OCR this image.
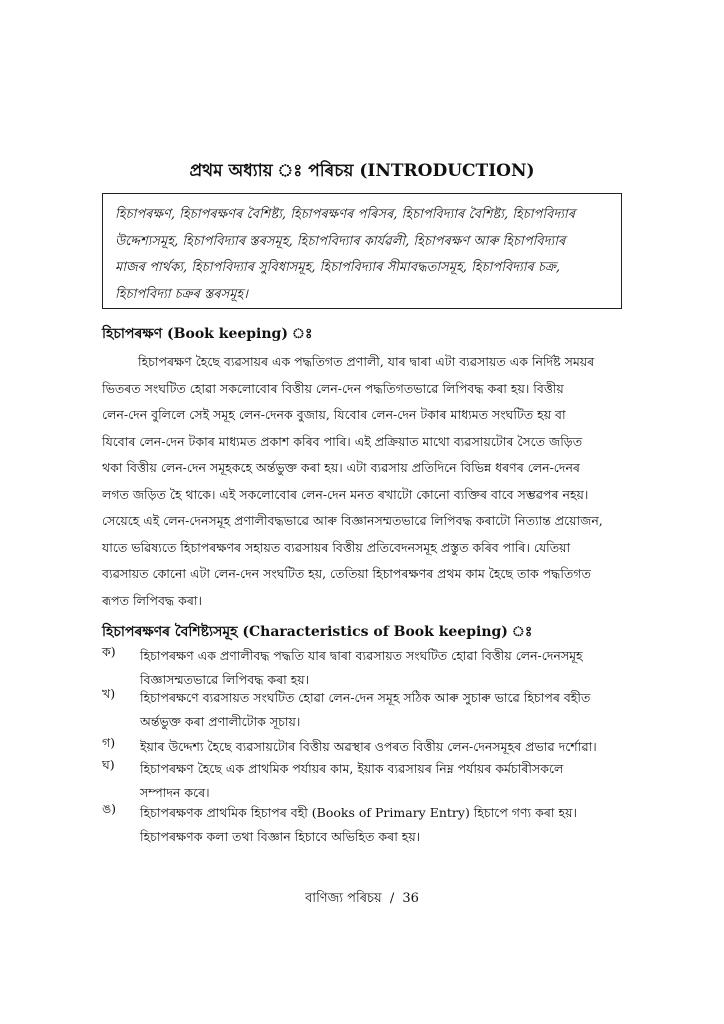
প্ৰথম অধ্যায় ঃ পৰিচয় (INTRODUCTION)
হিচাপৰক্ষণ, হিচাপৰক্ষণৰ বৈশিষ্ট্য, হিচাপৰক্ষণৰ পৰিসৰ, হিচাপবিদ্যাৰ বৈশিষ্ট্য, হিচাপবিদ্যাৰ
উদ্দেশ্যসমূহ, হিচাপবিদ্যাৰ স্তৰসমূহ, হিচাপবিদ্যাৰ কাৰ্যৱলী, হিচাপৰক্ষণ আৰু হিচাপবিদ্যাৰ
মাজৰ পাৰ্থক্য, হিচাপবিদ্যাৰ সুবিধাসমূহ, হিচাপবিদ্যাৰ সীমাবদ্ধতাসমূহ, হিচাপবিদ্যাৰ চক্ৰ,
হিচাপবিদ্যা চক্ৰৰ স্তৰসমূহ।
হিচাপৰক্ষণ (Book keeping) ঃ
হিচাপৰক্ষণ হৈছে ব্যৱসায়ৰ এক পদ্ধতিগত প্ৰণালী, যাৰ দ্বাৰা এটা ব্যৱসায়ত এক নিৰ্দিষ্ট সময়ৰ
ভিতৰত সংঘটিত হোৱা সকলোবোৰ বিত্তীয় লেন-দেন পদ্ধতিগতভাৱে লিপিবদ্ধ কৰা হয়। বিত্তীয়
লেন-দেন বুলিলে সেই সমূহ লেন-দেনক বুজায়, যিবোৰ লেন-দেন টকাৰ মাধ্যমত সংঘটিত হয় বা
যিবোৰ লেন-দেন টকাৰ মাধ্যমত প্ৰকাশ কৰিব পাৰি। এই প্ৰক্ৰিয়াত মাথো ব্যৱসায়টোৰ সৈতে জড়িত
থকা বিত্তীয় লেন-দেন সমূহকহে অৰ্ন্তভুক্ত কৰা হয়। এটা ব্যৱসায় প্ৰতিদিনে বিভিন্ন ধৰণৰ লেন-দেনৰ
লগত জড়িত হৈ থাকে। এই সকলোবোৰ লেন-দেন মনত ৰখাটো কোনো ব্যক্তিৰ বাবে সম্ভৱপৰ নহয়।
সেয়েহে এই লেন-দেনসমূহ প্ৰণালীবদ্ধভাৱে আৰু বিজ্ঞানসম্মতভাৱে লিপিবদ্ধ কৰাটো নিত্যান্ত প্ৰয়োজন,
যাতে ভৱিষ্যতে হিচাপৰক্ষণৰ সহায়ত ব্যৱসায়ৰ বিত্তীয় প্ৰতিবেদনসমূহ প্ৰস্তুত কৰিব পাৰি। যেতিয়া
ব্যৱসায়ত কোনো এটা লেন-দেন সংঘটিত হয়, তেতিয়া হিচাপৰক্ষণৰ প্ৰথম কাম হৈছে তাক পদ্ধতিগত
ৰূপত লিপিবদ্ধ কৰা।
হিচাপৰক্ষণৰ বৈশিষ্ট্যসমূহ (Characteristics of Book keeping) ঃ
ক)	হিচাপৰক্ষণ এক প্ৰণালীবদ্ধ পদ্ধতি যাৰ দ্বাৰা ব্যৱসায়ত সংঘটিত হোৱা বিত্তীয় লেন-দেনসমূহ
বিজ্ঞাসম্মতভাৱে লিপিবদ্ধ কৰা হয়।
খ)	হিচাপৰক্ষণে ব্যৱসায়ত সংঘটিত হোৱা লেন-দেন সমূহ সঠিক আৰু সুচাৰু ভাৱে হিচাপৰ বহীত
অৰ্ন্তভুক্ত কৰা প্ৰণালীটোক সূচায়।
গ)	ইয়াৰ উদ্দেশ্য হৈছে ব্যৱসায়টোৰ বিত্তীয় অৱস্থাৰ ওপৰত বিত্তীয় লেন-দেনসমূহৰ প্ৰভাৱ দৰ্শোৱা।
ঘ)	হিচাপৰক্ষণ হৈছে এক প্ৰাথমিক পৰ্যায়ৰ কাম, ইয়াক ব্যৱসায়ৰ নিম্ন পৰ্যায়ৰ কৰ্মচাৰীসকলে
সম্পাদন কৰে।
ঙ)	হিচাপৰক্ষণক প্ৰাথমিক হিচাপৰ বহী (Books of Primary Entry) হিচাপে গণ্য কৰা হয়।
হিচাপৰক্ষণক কলা তথা বিজ্ঞান হিচাবে অভিহিত কৰা হয়।
বাণিজ্য পৰিচয় / 36
